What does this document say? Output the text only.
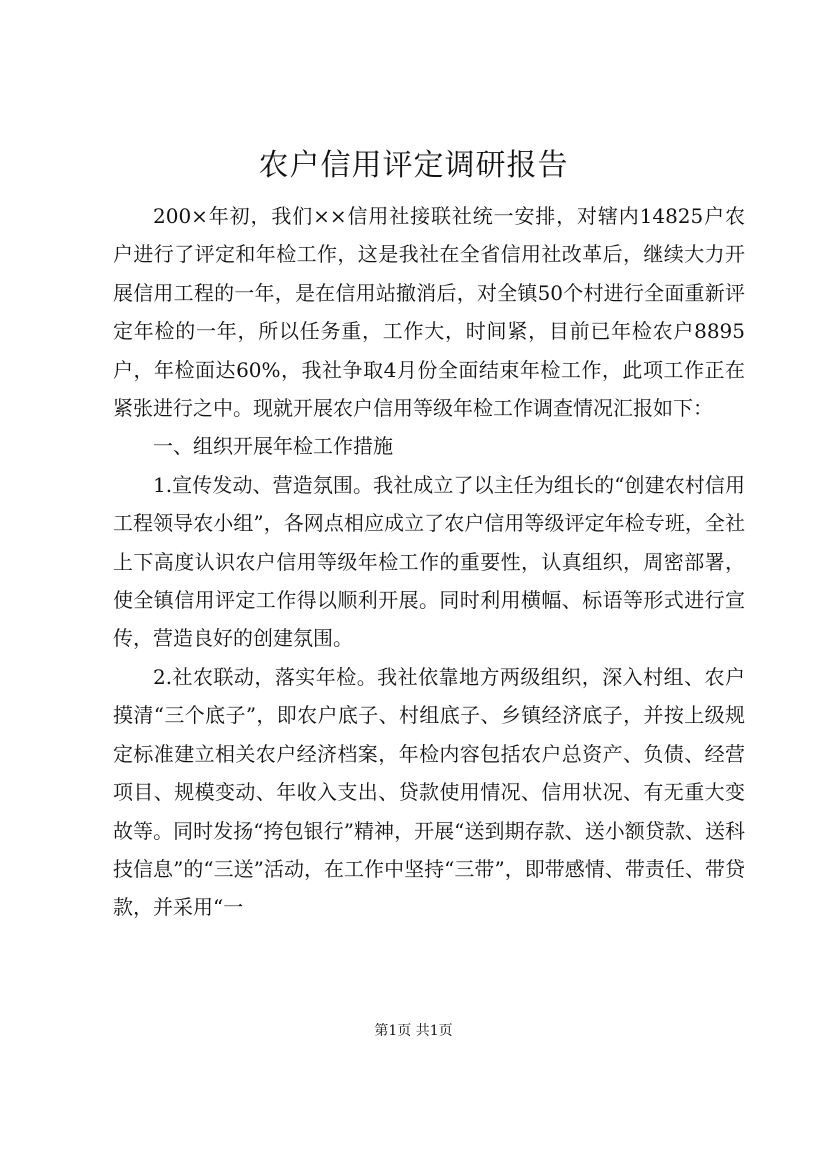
农户信用评定调研报告

200×年初，我们××信用社接联社统一安排，对辖内14825户农户进行了评定和年检工作，这是我社在全省信用社改革后，继续大力开展信用工程的一年，是在信用站撤消后，对全镇50个村进行全面重新评定年检的一年，所以任务重，工作大，时间紧，目前已年检农户8895户，年检面达60%，我社争取4月份全面结束年检工作，此项工作正在紧张进行之中。现就开展农户信用等级年检工作调查情况汇报如下：

一、组织开展年检工作措施

1.宣传发动、营造氛围。我社成立了以主任为组长的“创建农村信用工程领导农小组”，各网点相应成立了农户信用等级评定年检专班，全社上下高度认识农户信用等级年检工作的重要性，认真组织，周密部署，使全镇信用评定工作得以顺利开展。同时利用横幅、标语等形式进行宣传，营造良好的创建氛围。

2.社农联动，落实年检。我社依靠地方两级组织，深入村组、农户摸清“三个底子”，即农户底子、村组底子、乡镇经济底子，并按上级规定标准建立相关农户经济档案，年检内容包括农户总资产、负债、经营项目、规模变动、年收入支出、贷款使用情况、信用状况、有无重大变故等。同时发扬“挎包银行”精神，开展“送到期存款、送小额贷款、送科技信息”的“三送”活动，在工作中坚持“三带”，即带感情、带责任、带贷款，并采用“一

第1页 共1页
